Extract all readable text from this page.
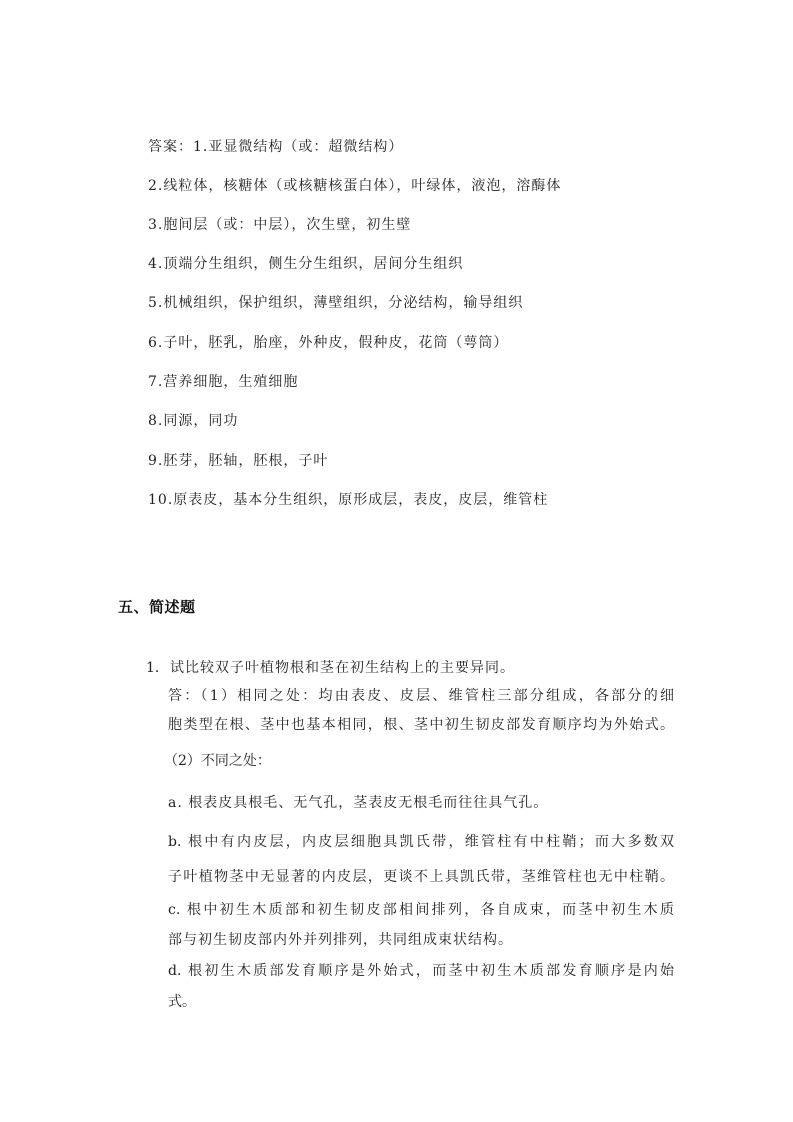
答案：1.亚显微结构（或：超微结构）
2.线粒体，核糖体（或核糖核蛋白体），叶绿体，液泡，溶酶体
3.胞间层（或：中层），次生壁，初生壁
4.顶端分生组织，侧生分生组织，居间分生组织
5.机械组织，保护组织，薄壁组织，分泌结构，输导组织
6.子叶，胚乳，胎座，外种皮，假种皮，花筒（萼筒）
7.营养细胞，生殖细胞
8.同源，同功
9.胚芽，胚轴，胚根，子叶
10.原表皮，基本分生组织，原形成层，表皮，皮层，维管柱
五、简述题
1. 试比较双子叶植物根和茎在初生结构上的主要异同。
答：（1）相同之处：均由表皮、皮层、维管柱三部分组成，各部分的细
胞类型在根、茎中也基本相同，根、茎中初生韧皮部发育顺序均为外始式。
（2）不同之处：
a. 根表皮具根毛、无气孔，茎表皮无根毛而往往具气孔。
b. 根中有内皮层，内皮层细胞具凯氏带，维管柱有中柱鞘；而大多数双
子叶植物茎中无显著的内皮层，更谈不上具凯氏带，茎维管柱也无中柱鞘。
c. 根中初生木质部和初生韧皮部相间排列，各自成束，而茎中初生木质
部与初生韧皮部内外并列排列，共同组成束状结构。
d. 根初生木质部发育顺序是外始式，而茎中初生木质部发育顺序是内始
式。
